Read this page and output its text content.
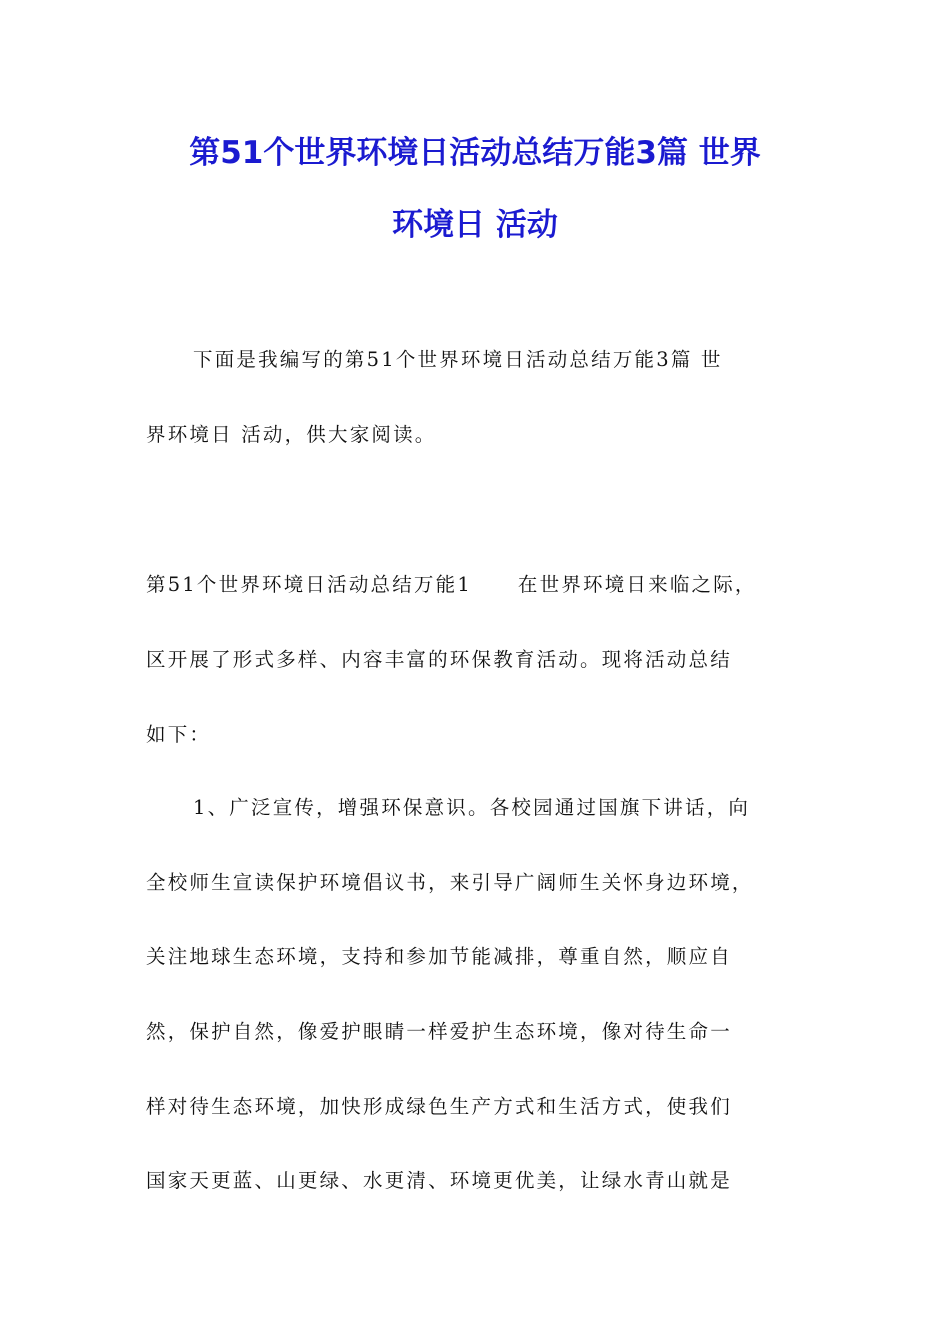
第51个世界环境日活动总结万能3篇 世界
环境日 活动
下面是我编写的第51个世界环境日活动总结万能3篇 世
界环境日 活动，供大家阅读。
第51个世界环境日活动总结万能1 在世界环境日来临之际，
区开展了形式多样、内容丰富的环保教育活动。现将活动总结
如下：
1、广泛宣传，增强环保意识。各校园通过国旗下讲话，向
全校师生宣读保护环境倡议书，来引导广阔师生关怀身边环境，
关注地球生态环境，支持和参加节能减排，尊重自然，顺应自
然，保护自然，像爱护眼睛一样爱护生态环境，像对待生命一
样对待生态环境，加快形成绿色生产方式和生活方式，使我们
国家天更蓝、山更绿、水更清、环境更优美，让绿水青山就是
